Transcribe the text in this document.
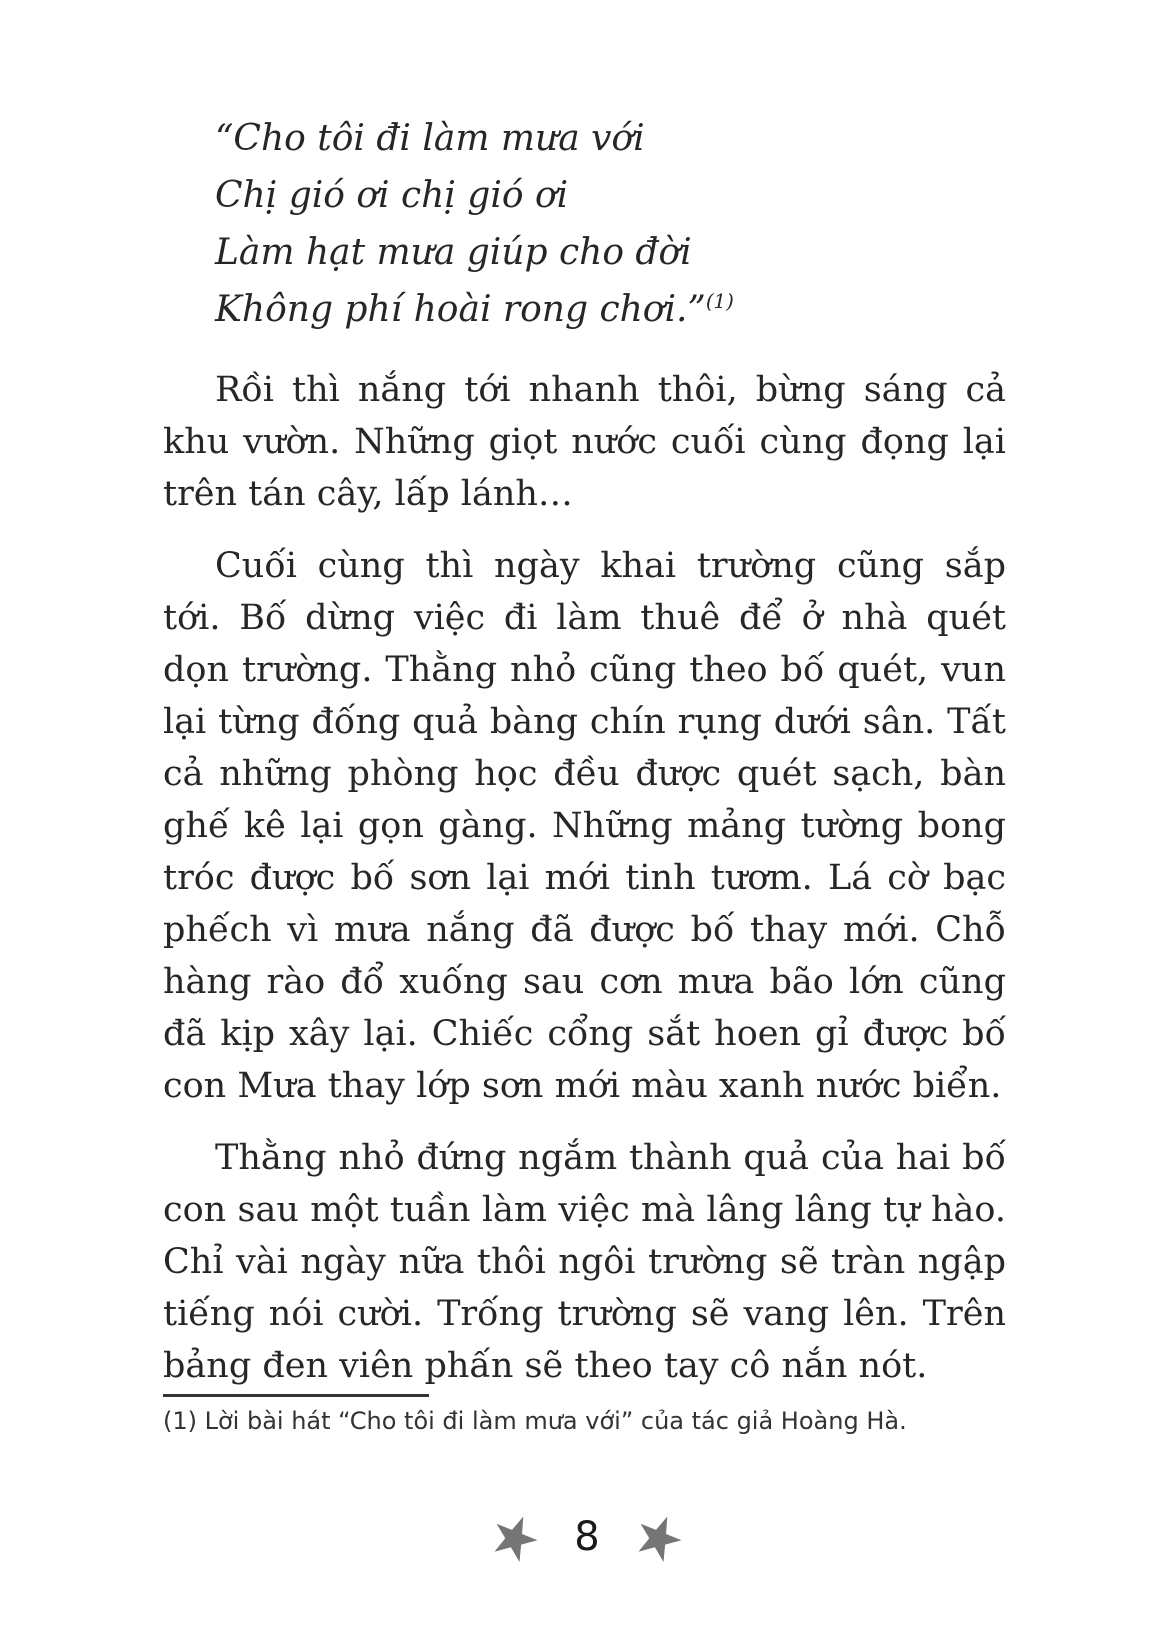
“Cho tôi đi làm mưa với
Chị gió ơi chị gió ơi
Làm hạt mưa giúp cho đời
Không phí hoài rong chơi.”$^{(1)}$

Rồi thì nắng tới nhanh thôi, bừng sáng cả khu vườn. Những giọt nước cuối cùng đọng lại trên tán cây, lấp lánh…

Cuối cùng thì ngày khai trường cũng sắp tới. Bố dừng việc đi làm thuê để ở nhà quét dọn trường. Thằng nhỏ cũng theo bố quét, vun lại từng đống quả bàng chín rụng dưới sân. Tất cả những phòng học đều được quét sạch, bàn ghế kê lại gọn gàng. Những mảng tường bong tróc được bố sơn lại mới tinh tươm. Lá cờ bạc phếch vì mưa nắng đã được bố thay mới. Chỗ hàng rào đổ xuống sau cơn mưa bão lớn cũng đã kịp xây lại. Chiếc cổng sắt hoen gỉ được bố con Mưa thay lớp sơn mới màu xanh nước biển.

Thằng nhỏ đứng ngắm thành quả của hai bố con sau một tuần làm việc mà lâng lâng tự hào. Chỉ vài ngày nữa thôi ngôi trường sẽ tràn ngập tiếng nói cười. Trống trường sẽ vang lên. Trên bảng đen viên phấn sẽ theo tay cô nắn nót.

(1) Lời bài hát “Cho tôi đi làm mưa với” của tác giả Hoàng Hà.
8
